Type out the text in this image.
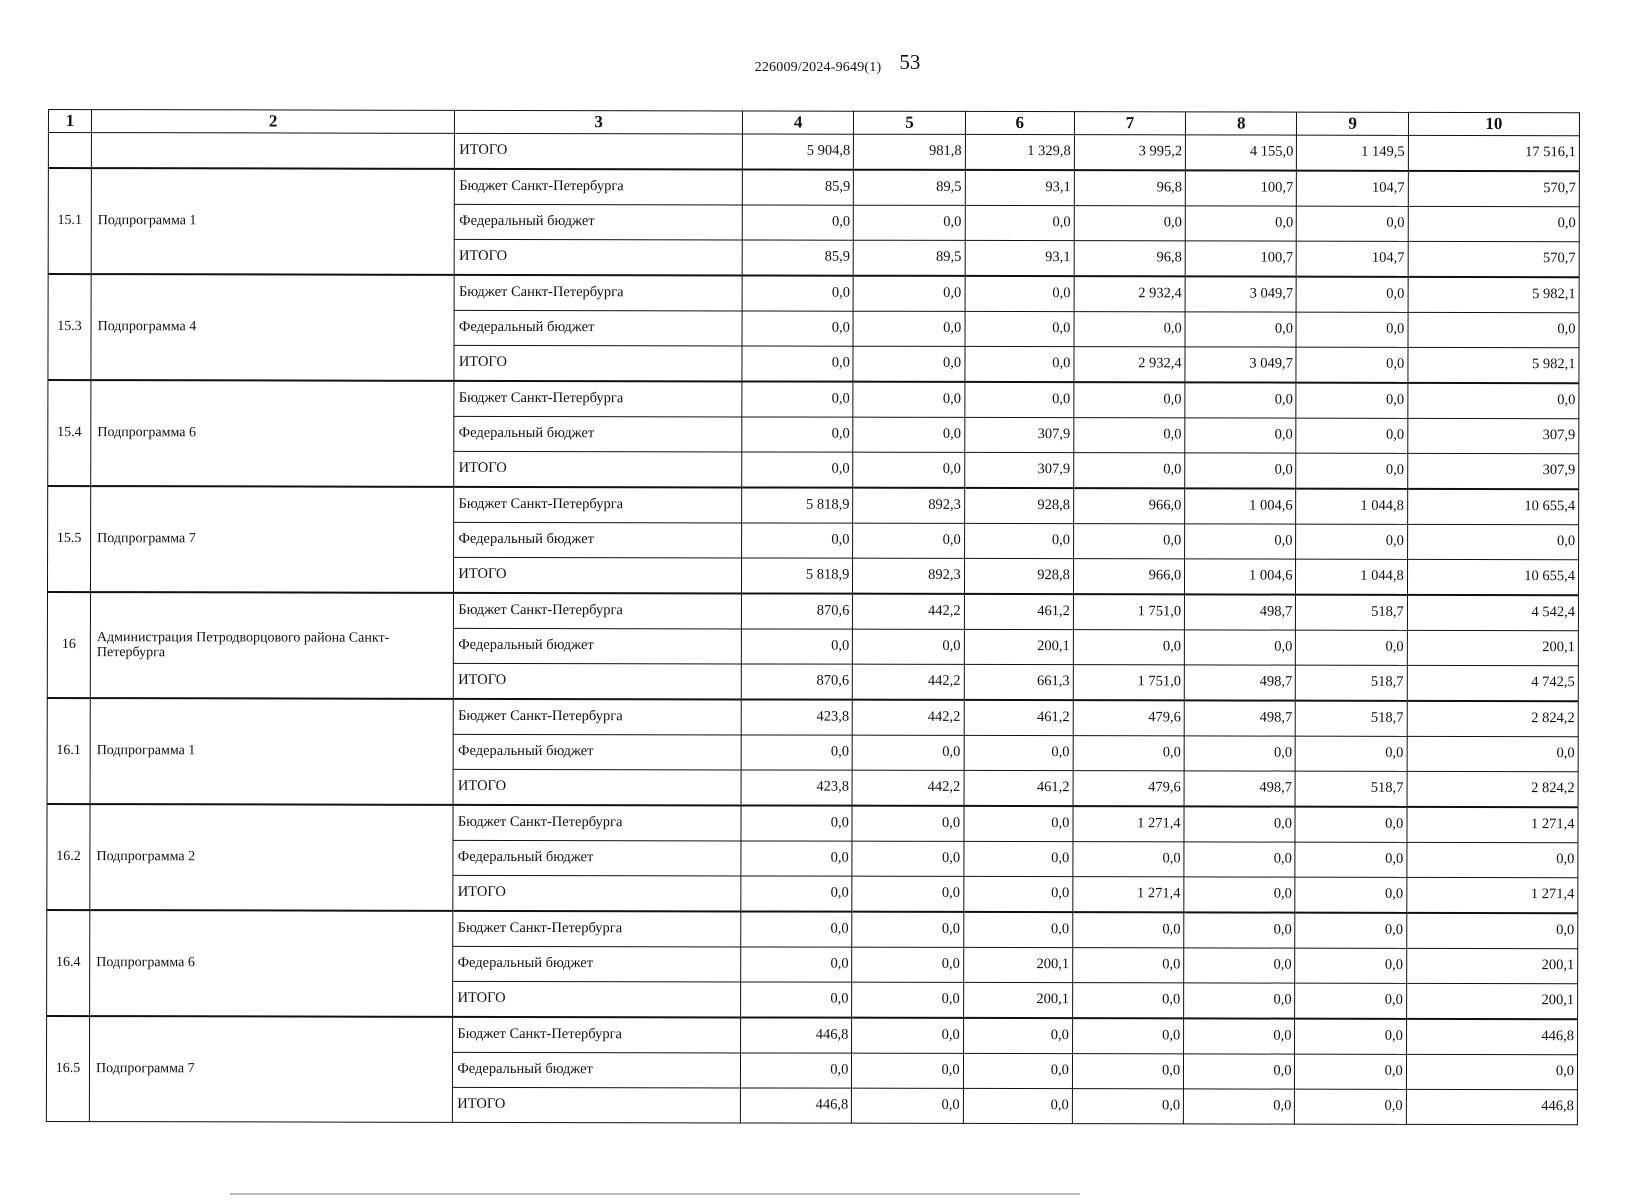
226009/2024-9649(1) 53
1	2	3	4	5	6	7	8	9	10
		ИТОГО	5 904,8	981,8	1 329,8	3 995,2	4 155,0	1 149,5	17 516,1
15.1	Подпрограмма 1	Бюджет Санкт-Петербурга	85,9	89,5	93,1	96,8	100,7	104,7	570,7
		Федеральный бюджет	0,0	0,0	0,0	0,0	0,0	0,0	0,0
		ИТОГО	85,9	89,5	93,1	96,8	100,7	104,7	570,7
15.3	Подпрограмма 4	Бюджет Санкт-Петербурга	0,0	0,0	0,0	2 932,4	3 049,7	0,0	5 982,1
		Федеральный бюджет	0,0	0,0	0,0	0,0	0,0	0,0	0,0
		ИТОГО	0,0	0,0	0,0	2 932,4	3 049,7	0,0	5 982,1
15.4	Подпрограмма 6	Бюджет Санкт-Петербурга	0,0	0,0	0,0	0,0	0,0	0,0	0,0
		Федеральный бюджет	0,0	0,0	307,9	0,0	0,0	0,0	307,9
		ИТОГО	0,0	0,0	307,9	0,0	0,0	0,0	307,9
15.5	Подпрограмма 7	Бюджет Санкт-Петербурга	5 818,9	892,3	928,8	966,0	1 004,6	1 044,8	10 655,4
		Федеральный бюджет	0,0	0,0	0,0	0,0	0,0	0,0	0,0
		ИТОГО	5 818,9	892,3	928,8	966,0	1 004,6	1 044,8	10 655,4
16	Администрация Петродворцового района Санкт-Петербурга	Бюджет Санкт-Петербурга	870,6	442,2	461,2	1 751,0	498,7	518,7	4 542,4
		Федеральный бюджет	0,0	0,0	200,1	0,0	0,0	0,0	200,1
		ИТОГО	870,6	442,2	661,3	1 751,0	498,7	518,7	4 742,5
16.1	Подпрограмма 1	Бюджет Санкт-Петербурга	423,8	442,2	461,2	479,6	498,7	518,7	2 824,2
		Федеральный бюджет	0,0	0,0	0,0	0,0	0,0	0,0	0,0
		ИТОГО	423,8	442,2	461,2	479,6	498,7	518,7	2 824,2
16.2	Подпрограмма 2	Бюджет Санкт-Петербурга	0,0	0,0	0,0	1 271,4	0,0	0,0	1 271,4
		Федеральный бюджет	0,0	0,0	0,0	0,0	0,0	0,0	0,0
		ИТОГО	0,0	0,0	0,0	1 271,4	0,0	0,0	1 271,4
16.4	Подпрограмма 6	Бюджет Санкт-Петербурга	0,0	0,0	0,0	0,0	0,0	0,0	0,0
		Федеральный бюджет	0,0	0,0	200,1	0,0	0,0	0,0	200,1
		ИТОГО	0,0	0,0	200,1	0,0	0,0	0,0	200,1
16.5	Подпрограмма 7	Бюджет Санкт-Петербурга	446,8	0,0	0,0	0,0	0,0	0,0	446,8
		Федеральный бюджет	0,0	0,0	0,0	0,0	0,0	0,0	0,0
		ИТОГО	446,8	0,0	0,0	0,0	0,0	0,0	446,8
